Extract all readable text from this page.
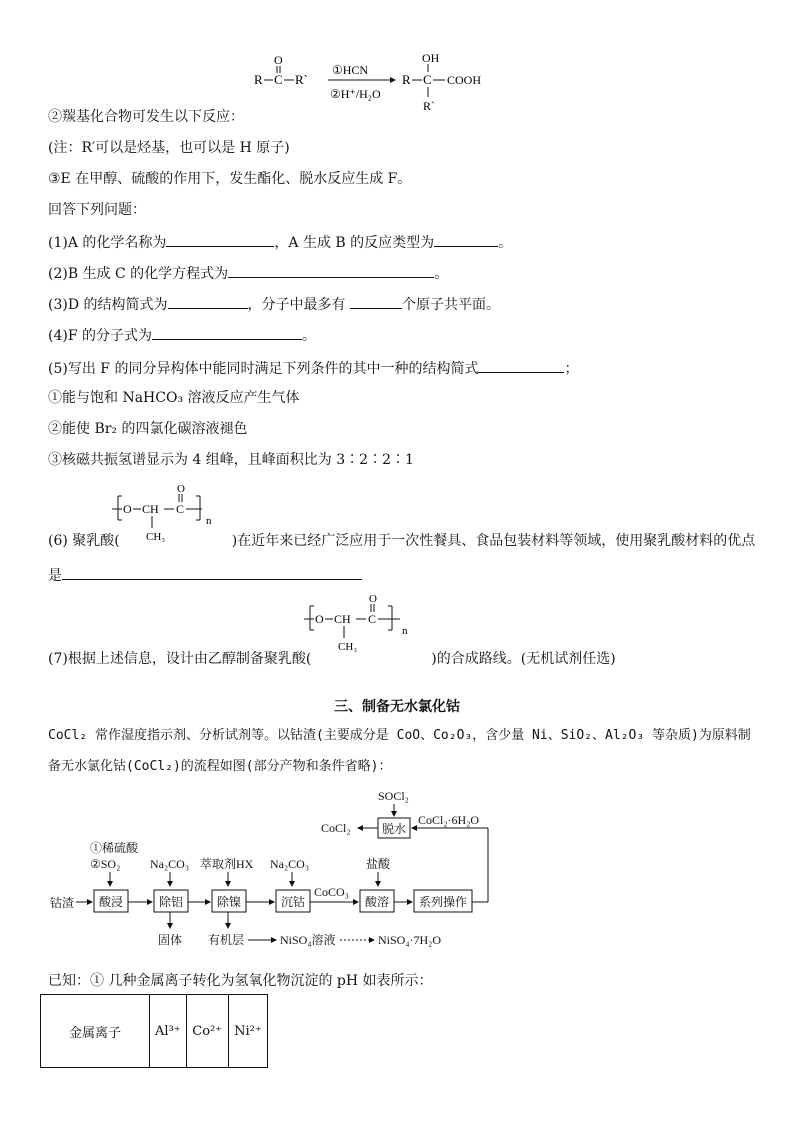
R C
O
R`
①HCN
②H⁺/H₂O
R C
OH
COOH
R`
②羰基化合物可发生以下反应：
(注：R′可以是烃基，也可以是 H 原子)
③E 在甲醇、硫酸的作用下，发生酯化、脱水反应生成 F。
回答下列问题：
(1)A 的化学名称为	，A 生成 B 的反应类型为	。
(2)B 生成 C 的化学方程式为	。
(3)D 的结构简式为	，分子中最多有	个原子共平面。
(4)F 的分子式为	。
(5)写出 F 的同分异构体中能同时满足下列条件的其中一种的结构简式	；
①能与饱和 NaHCO₃ 溶液反应产生气体
②能使 Br₂ 的四氯化碳溶液褪色
③核磁共振氢谱显示为 4 组峰，且峰面积比为 3∶2∶2∶1
O CH C
O
n
CH₃
(6) 聚乳酸(	)在近年来已经广泛应用于一次性餐具、食品包装材料等领域，使用聚乳酸材料的优点
是
O CH C
O
n
CH₃
(7)根据上述信息，设计由乙醇制备聚乳酸(	)的合成路线。(无机试剂任选)
三、制备无水氯化钴
CoCl₂ 常作湿度指示剂、分析试剂等。以钴渣(主要成分是 CoO、Co₂O₃，含少量 Ni、SiO₂、Al₂O₃ 等杂质)为原料制
备无水氯化钴(CoCl₂)的流程如图(部分产物和条件省略)：
SOCl₂
脱水
CoCl₂
CoCl₂·6H₂O
①稀硫酸
②SO₂ Na₂CO₃ 萃取剂HX Na₂CO₃	盐酸
钴渣 酸浸	除铝	除镍	沉钴
CoCO₃
酸溶 系列操作
固体 有机层	NiSO₄溶液	NiSO₄·7H₂O
已知：① 几种金属离子转化为氢氧化物沉淀的 pH 如表所示：
金属离子	Al³⁺	Co²⁺	Ni²⁺
